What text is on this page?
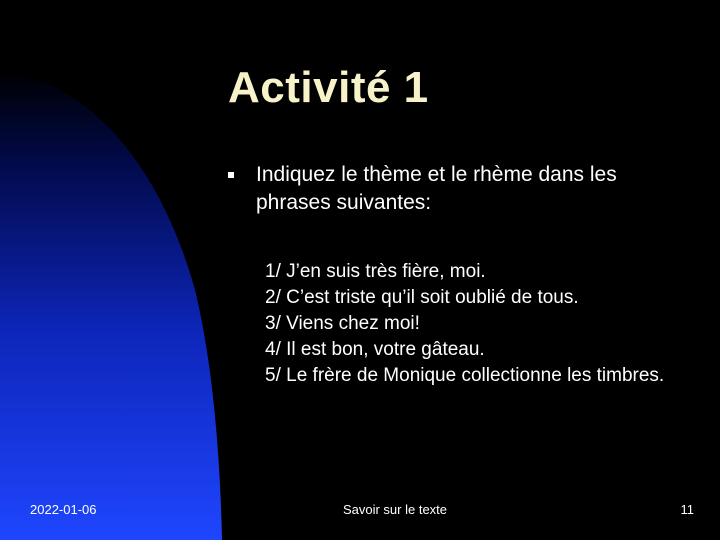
Activité 1
Indiquez le thème et le rhème dans les phrases suivantes:
1/ J’en suis très fière, moi.
2/ C’est triste qu’il soit oublié de tous.
3/ Viens chez moi!
4/ Il est bon, votre gâteau.
5/ Le frère de Monique collectionne les timbres.
2022-01-06	Savoir sur le texte	11
